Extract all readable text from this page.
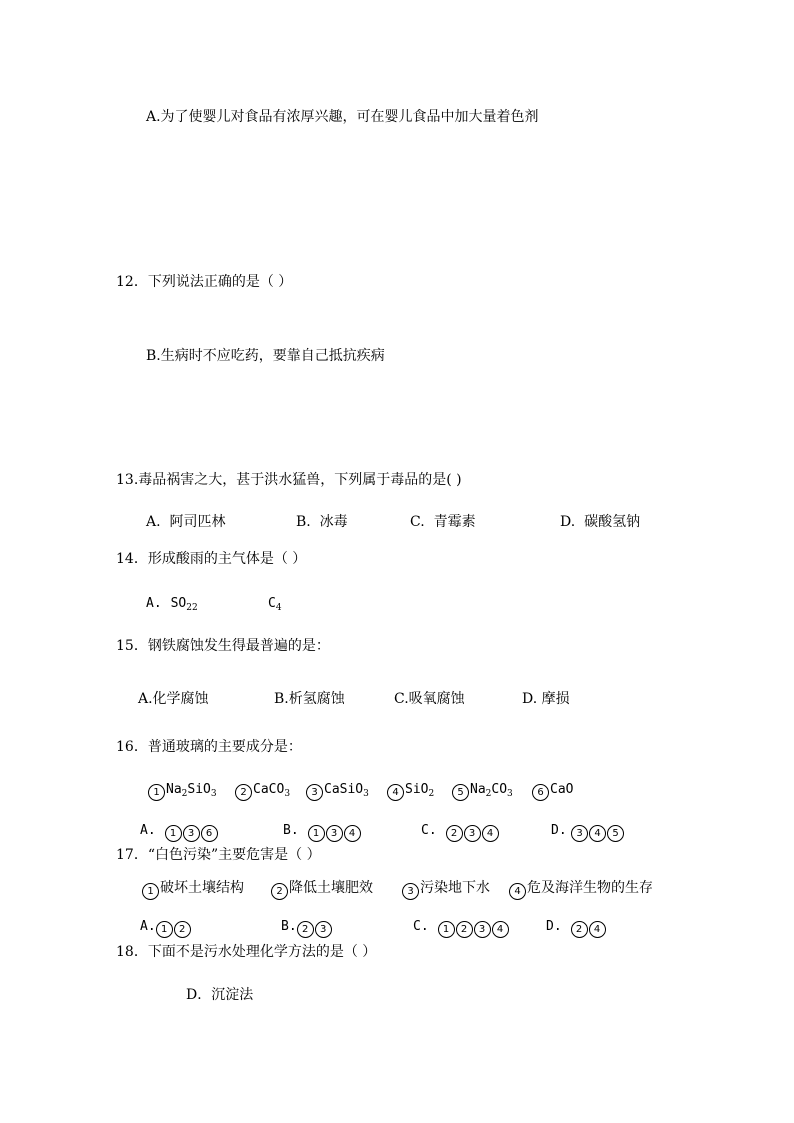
A.为了使婴儿对食品有浓厚兴趣，可在婴儿食品中加大量着色剂
12．下列说法正确的是（ ）
B.生病时不应吃药，要靠自己抵抗疾病
13.毒品祸害之大，甚于洪水猛兽，下列属于毒品的是( )
A. 阿司匹林	B. 冰毒	C. 青霉素	D. 碳酸氢钠
14．形成酸雨的主气体是（ ）
A. $SO_{22}$	$C_4$
15．钢铁腐蚀发生得最普遍的是：
A.化学腐蚀	B.析氢腐蚀	C.吸氧腐蚀	D. 摩损
16．普通玻璃的主要成分是：
1 $Na_2SiO_3$	2 CaCO$_3$	3 CaSiO$_3$	4 SiO$_2$	5 $Na_2CO_3$	6 CaO
A.	1	3	6	B.	1	3	4	C.	2	3	4	D. 3	4	5
17．“白色污染”主要危害是（ ）
1 破坏土壤结构	2 降低土壤肥效	3 污染地下水	4 危及海洋生物的生存
A. 1	2	B. 2	3	C.	1	2	3	4	D.	2	4
18．下面不是污水处理化学方法的是（ ）
D．沉淀法
